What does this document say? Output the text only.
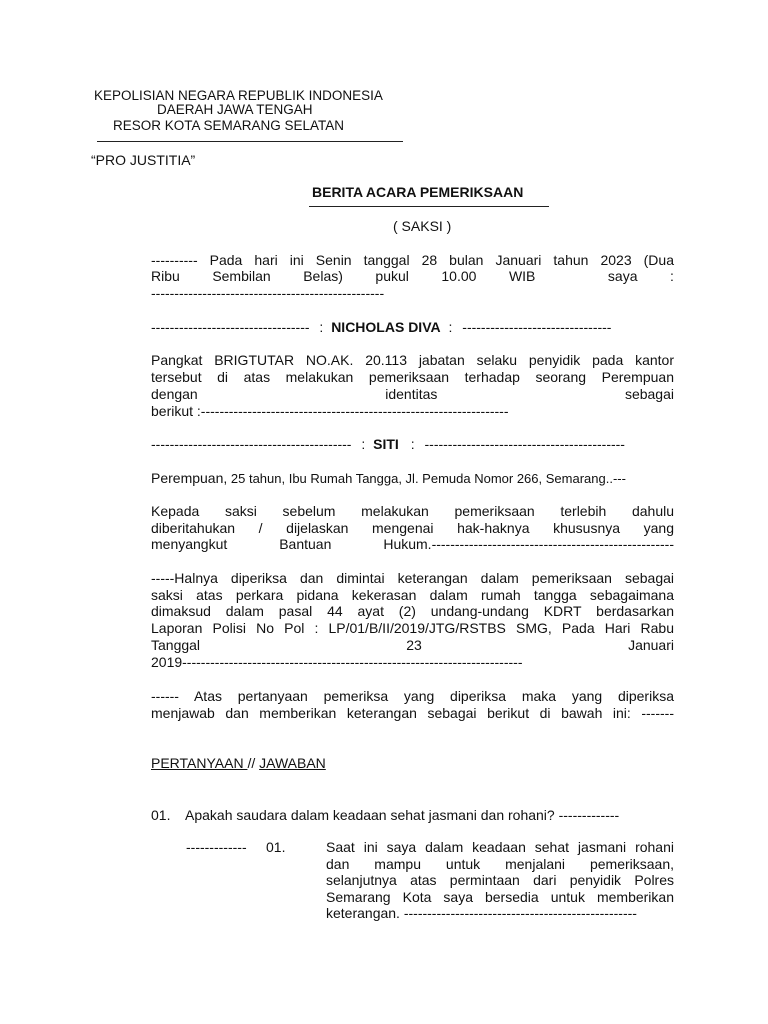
KEPOLISIAN NEGARA REPUBLIK INDONESIA
DAERAH JAWA TENGAH
RESOR KOTA SEMARANG SELATAN
“PRO JUSTITIA”
BERITA ACARA PEMERIKSAAN
( SAKSI )
---------- Pada hari ini Senin tanggal 28 bulan Januari tahun 2023 (Dua
Ribu Sembilan Belas) pukul 10.00 WIB	saya :
--------------------------------------------------
---------------------------------- : NICHOLAS DIVA : --------------------------------
Pangkat BRIGTUTAR NO.AK. 20.113 jabatan selaku penyidik pada kantor
tersebut di atas melakukan pemeriksaan terhadap seorang Perempuan
dengan	identitas	sebagai
berikut :------------------------------------------------------------------
------------------------------------------- : SITI : -------------------------------------------
Perempuan, 25 tahun, Ibu Rumah Tangga, Jl. Pemuda Nomor 266, Semarang..---
Kepada saksi sebelum melakukan pemeriksaan terlebih dahulu
diberitahukan / dijelaskan mengenai hak-haknya khususnya yang
menyangkut Bantuan Hukum.----------------------------------------------------
-----Halnya diperiksa dan dimintai keterangan dalam pemeriksaan sebagai
saksi atas perkara pidana kekerasan dalam rumah tangga sebagaimana
dimaksud dalam pasal 44 ayat (2) undang-undang KDRT berdasarkan
Laporan Polisi No Pol : LP/01/B/II/2019/JTG/RSTBS SMG, Pada Hari Rabu
Tanggal	23	Januari
2019-------------------------------------------------------------------------
------ Atas pertanyaan pemeriksa yang diperiksa maka yang diperiksa
menjawab dan memberikan keterangan sebagai berikut di bawah ini: -------
PERTANYAAN // JAWABAN
01. Apakah saudara dalam keadaan sehat jasmani dan rohani? -------------
------------- 01.	Saat ini saya dalam keadaan sehat jasmani rohani
dan mampu untuk menjalani pemeriksaan,
selanjutnya atas permintaan dari penyidik Polres
Semarang Kota saya bersedia untuk memberikan
keterangan. --------------------------------------------------
